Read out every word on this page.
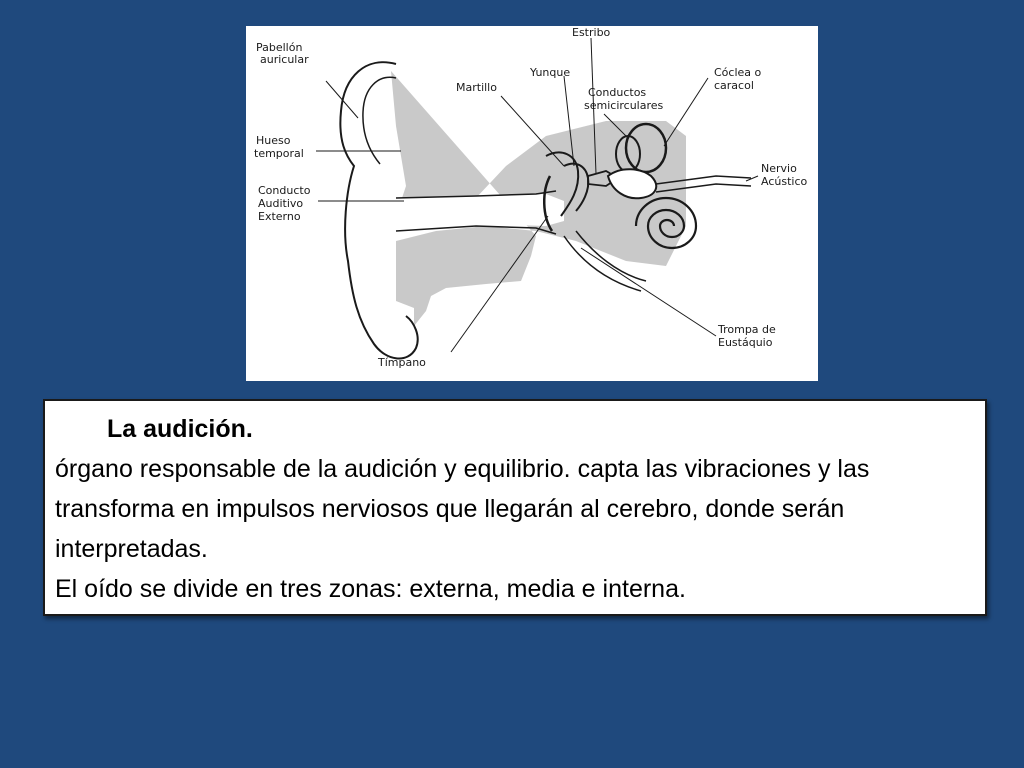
Pabellón
auricular
Hueso
temporal
Conducto
Auditivo
Externo
Martillo
Yunque
Estribo
Conductos
semicirculares
Cóclea o
caracol
Nervio
Acústico
Trompa de
Eustáquio
Tímpano
La audición.
órgano responsable de la audición y equilibrio. capta las vibraciones y las transforma en impulsos nerviosos que llegarán al cerebro, donde serán interpretadas.
El oído se divide en tres zonas: externa, media e interna.
